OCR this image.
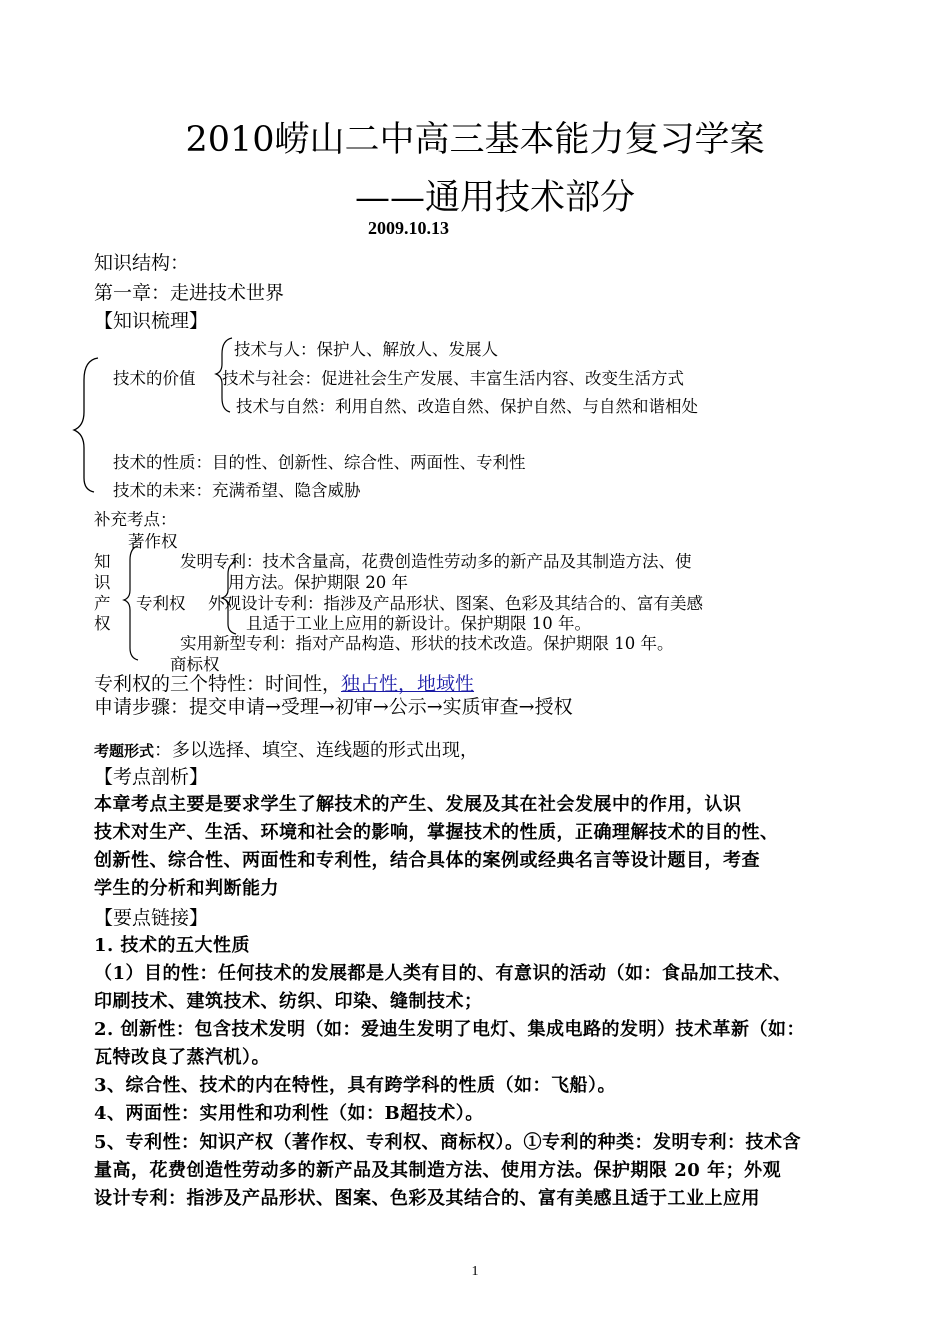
2010崂山二中高三基本能力复习学案
——通用技术部分
2009.10.13
知识结构：
第一章：走进技术世界
【知识梳理】
技术与人：保护人、解放人、发展人
技术的价值 技术与社会：促进社会生产发展、丰富生活内容、改变生活方式
技术与自然：利用自然、改造自然、保护自然、与自然和谐相处
技术的性质：目的性、创新性、综合性、两面性、专利性
技术的未来：充满希望、隐含威胁
补充考点：
著作权
知
识
产
权
发明专利：技术含量高，花费创造性劳动多的新产品及其制造方法、使
用方法。保护期限 20 年
专利权 外观设计专利：指涉及产品形状、图案、色彩及其结合的、富有美感
且适于工业上应用的新设计。保护期限 10 年。
实用新型专利：指对产品构造、形状的技术改造。保护期限 10 年。
商标权
专利权的三个特性：时间性，独占性，地域性
申请步骤：提交申请→受理→初审→公示→实质审查→授权
考题形式：多以选择、填空、连线题的形式出现，
【考点剖析】
本章考点主要是要求学生了解技术的产生、发展及其在社会发展中的作用，认识
技术对生产、生活、环境和社会的影响，掌握技术的性质，正确理解技术的目的性、
创新性、综合性、两面性和专利性，结合具体的案例或经典名言等设计题目，考查
学生的分析和判断能力
【要点链接】
1. 技术的五大性质
（1）目的性：任何技术的发展都是人类有目的、有意识的活动（如：食品加工技术、
印刷技术、建筑技术、纺织、印染、缝制技术；
2. 创新性：包含技术发明（如：爱迪生发明了电灯、集成电路的发明）技术革新（如：
瓦特改良了蒸汽机）。
3、综合性、技术的内在特性，具有跨学科的性质（如：飞船）。
4、两面性：实用性和功利性（如：B超技术）。
5、专利性：知识产权（著作权、专利权、商标权）。①专利的种类：发明专利：技术含
量高，花费创造性劳动多的新产品及其制造方法、使用方法。保护期限 20 年；外观
设计专利：指涉及产品形状、图案、色彩及其结合的、富有美感且适于工业上应用
1
